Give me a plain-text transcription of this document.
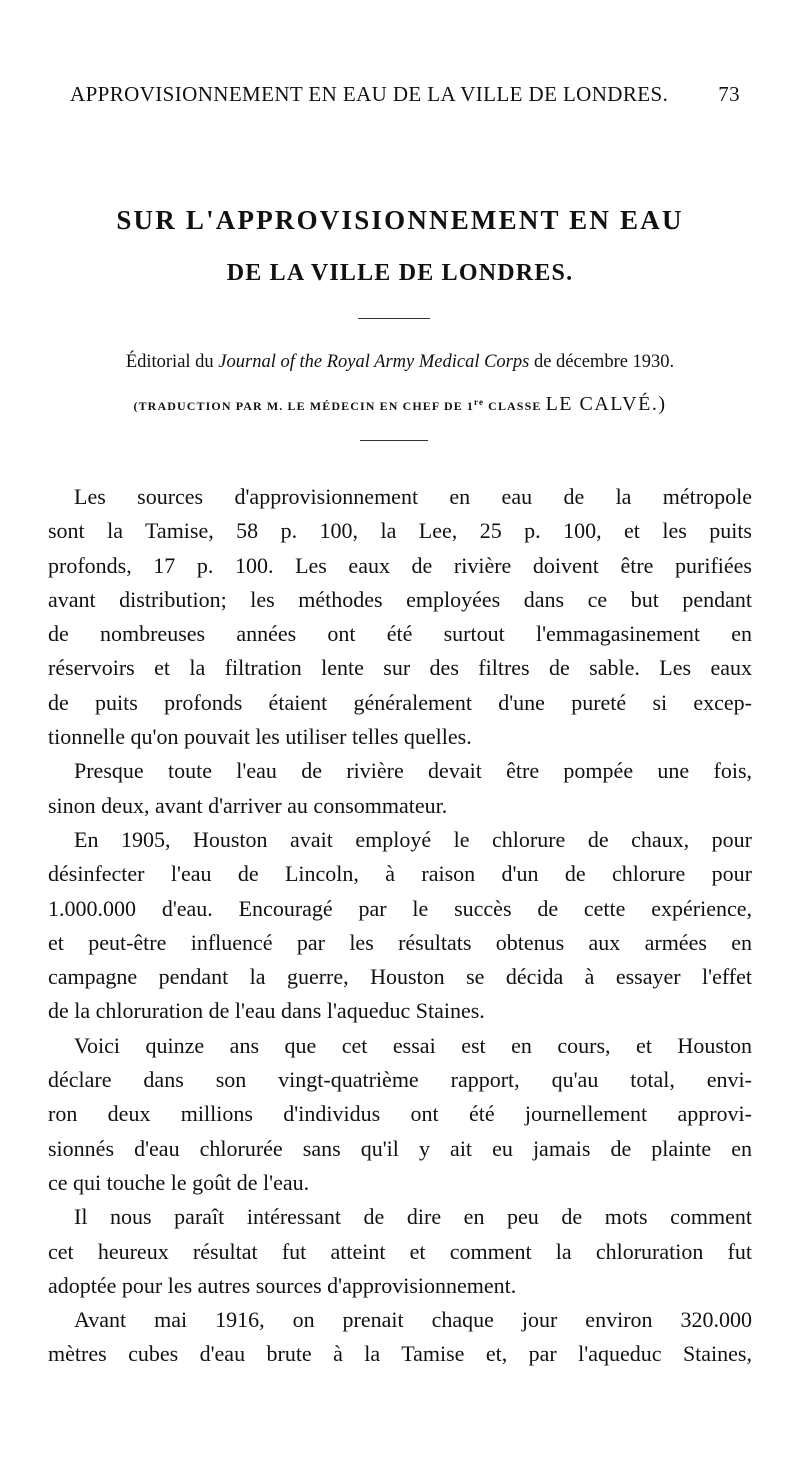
APPROVISIONNEMENT EN EAU DE LA VILLE DE LONDRES. 73
SUR L'APPROVISIONNEMENT EN EAU
DE LA VILLE DE LONDRES.
Éditorial du Journal of the Royal Army Medical Corps de décembre 1930.
(TRADUCTION PAR M. LE MÉDECIN EN CHEF DE 1re CLASSE LE CALVÉ.)
Les sources d'approvisionnement en eau de la métropole
sont la Tamise, 58 p. 100, la Lee, 25 p. 100, et les puits
profonds, 17 p. 100. Les eaux de rivière doivent être purifiées
avant distribution; les méthodes employées dans ce but pendant
de nombreuses années ont été surtout l'emmagasinement en
réservoirs et la filtration lente sur des filtres de sable. Les eaux
de puits profonds étaient généralement d'une pureté si excep-
tionnelle qu'on pouvait les utiliser telles quelles.
Presque toute l'eau de rivière devait être pompée une fois,
sinon deux, avant d'arriver au consommateur.
En 1905, Houston avait employé le chlorure de chaux, pour
désinfecter l'eau de Lincoln, à raison d'un de chlorure pour
1.000.000 d'eau. Encouragé par le succès de cette expérience,
et peut-être influencé par les résultats obtenus aux armées en
campagne pendant la guerre, Houston se décida à essayer l'effet
de la chloruration de l'eau dans l'aqueduc Staines.
Voici quinze ans que cet essai est en cours, et Houston
déclare dans son vingt-quatrième rapport, qu'au total, envi-
ron deux millions d'individus ont été journellement approvi-
sionnés d'eau chlorurée sans qu'il y ait eu jamais de plainte en
ce qui touche le goût de l'eau.
Il nous paraît intéressant de dire en peu de mots comment
cet heureux résultat fut atteint et comment la chloruration fut
adoptée pour les autres sources d'approvisionnement.
Avant mai 1916, on prenait chaque jour environ 320.000
mètres cubes d'eau brute à la Tamise et, par l'aqueduc Staines,
